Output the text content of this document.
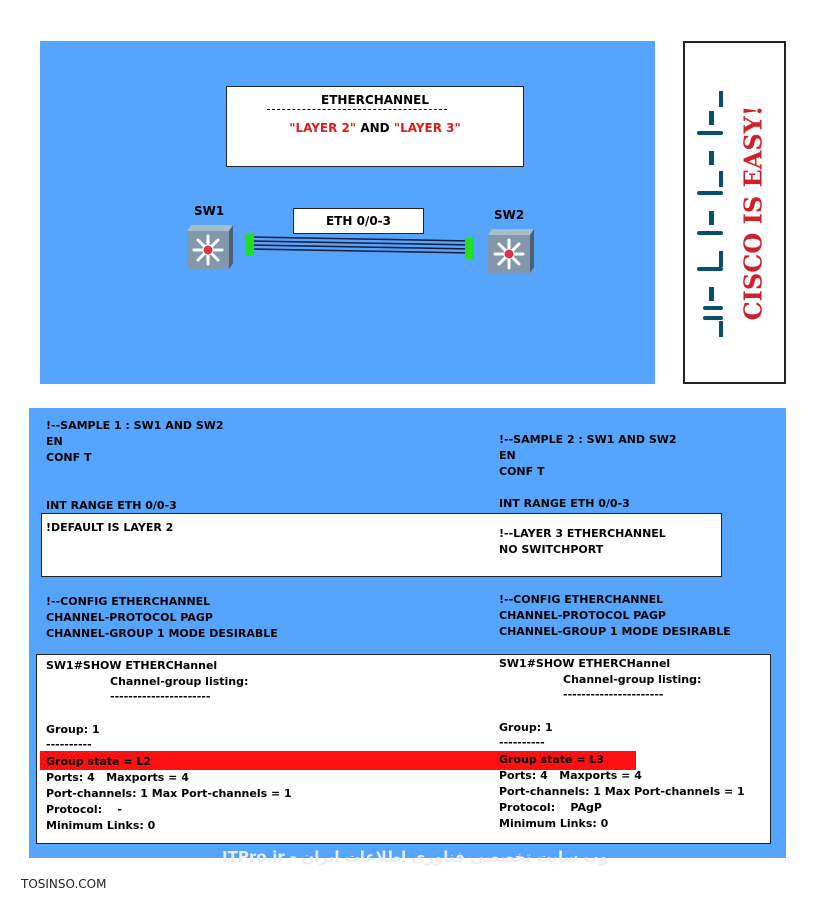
ETHERCHANNEL
"LAYER 2" AND "LAYER 3"
ETH 0/0-3
SW1	SW2	CISCO IS EASY!
!--SAMPLE 1 : SW1 AND SW2
EN
CONF T
INT RANGE ETH 0/0-3
!--SAMPLE 2 : SW1 AND SW2
EN
CONF T
INT RANGE ETH 0/0-3
!DEFAULT IS LAYER 2	!--LAYER 3 ETHERCHANNEL
NO SWITCHPORT
!--CONFIG ETHERCHANNEL
CHANNEL-PROTOCOL PAGP
CHANNEL-GROUP 1 MODE DESIRABLE
!--CONFIG ETHERCHANNEL
CHANNEL-PROTOCOL PAGP
CHANNEL-GROUP 1 MODE DESIRABLE
SW1#SHOW ETHERCHannel
Channel-group listing:
----------------------
Group: 1
----------
Group state = L2
Ports: 4   Maxports = 4
Port-channels: 1 Max Port-channels = 1
Protocol:    -
Minimum Links: 0
SW1#SHOW ETHERCHannel
Channel-group listing:
----------------------
Group: 1
----------
Group state = L3
Ports: 4   Maxports = 4
Port-channels: 1 Max Port-channels = 1
Protocol:    PAgP
Minimum Links: 0
وب سایت تخصصی فناوری اطلاعات ایران - ITPro.ir
TOSINSO.COM
